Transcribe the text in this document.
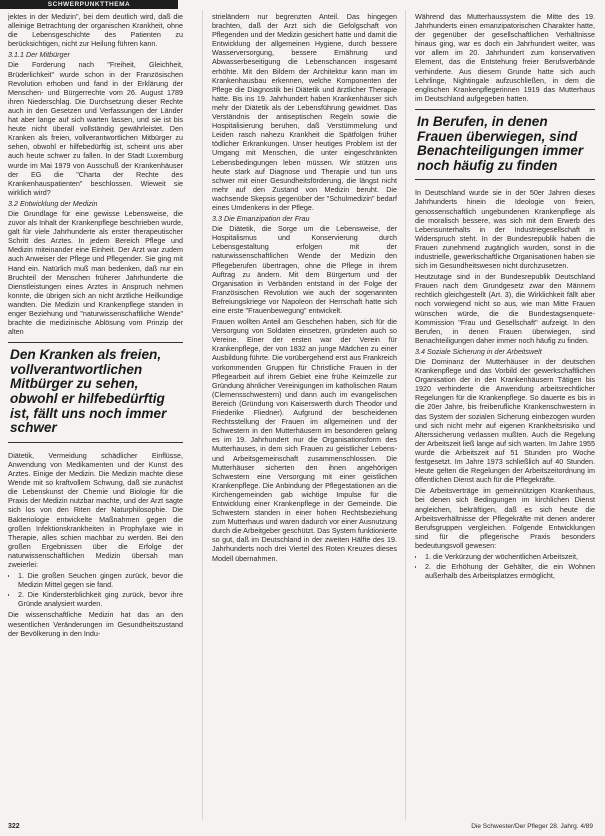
SCHWERPUNKTTHEMA

jektes in der Medizin", bei dem deutlich wird, daß die alleinige Betrachtung der organischen Krankheit, ohne die Lebensgeschichte des Patienten zu berücksichtigen, nicht zur Heilung führen kann.

3.1.1 Der Mitbürger

Die Forderung nach "Freiheit, Gleichheit, Brüderlichkeit" wurde schon in der Französischen Revolution erhoben und fand in der Erklärung der Menschen- und Bürgerrechte vom 26. August 1789 ihren Niederschlag. Die Durchsetzung dieser Rechte auch in den Gesetzen und Verfassungen der Länder hat aber lange auf sich warten lassen, und sie ist bis heute nicht überall vollständig gewährleistet. Den Kranken als freien, vollverantwortlichen Mitbürger zu sehen, obwohl er hilfebedürftig ist, scheint uns aber auch heute schwer zu fallen. In der Stadt Luxemburg wurde im Mai 1979 von Ausschuß der Krankenhäuser der EG die "Charta der Rechte des Krankenhauspatienten" beschlossen. Wieweit sie wirklich wird?

3.2 Entwicklung der Medizin

Die Grundlage für eine gewisse Lebensweise, die zuvor als Inhalt der Krankenpflege beschrieben wurde, galt für viele Jahrhunderte als erster therapeutischer Schritt des Arztes. In jedem Bereich Pflege und Medizin miteinander eine Einheit. Der Arzt war zudem auch Anweiser der Pflege und Pflegender. Sie ging mit Hand ein. Natürlich muß man bedenken, daß nur ein Bruchteil der Menschen früherer Jahrhunderte die Dienstleistungen eines Arztes in Anspruch nehmen konnte, die übrigen sich an nicht ärztliche Heilkundige wandten. Die Medizin und Krankenpflege standen in enger Beziehung und "naturwissenschaftliche Wende" brachte die medizinische Ablösung vom Prinzip der alten

Den Kranken als freien, vollverantwortlichen Mitbürger zu sehen, obwohl er hilfebedürftig ist, fällt uns noch immer schwer

Diätetik, Vermeidung schädlicher Einflüsse, Anwendung von Medikamenten und der Kunst des Arztes. Einige der Medizin. Die Medizin machte diese Wende mit so kraftvollem Schwung, daß sie zunächst die Lebenskunst der Chemie und Biologie für die Praxis der Medizin nutzbar machte, und der Arzt sagte sich los von den Riten der Naturphilosophie. Die Bakteriologie entwickelte Maßnahmen gegen die großen Infektionskrankheiten in Prophylaxe wie in Therapie, alles schien machbar zu werden. Bei den großen Ergebnissen über die Erfolge der naturwissenschaftlichen Medizin übersah man zweierlei:

• 1. Die großen Seuchen gingen zurück, bevor die Medizin Mittel gegen sie fand.
• 2. Die Kindersterblichkeit ging zurück, bevor ihre Gründe analysiert wurden.

Die wissenschaftliche Medizin hat das an den wesentlichen Veränderungen im Gesundheitszustand der Bevölkerung in den Indu-

strieländern nur begrenzten Anteil. Das hingegen brachten, daß der Arzt sich die Gefolgschaft von Pflegenden und der Medizin gesichert hatte und damit die Entwicklung der allgemeinen Hygiene, durch bessere Wasserversorgung, bessere Ernährung und Abwasserbeseitigung die Lebenschancen insgesamt erhöhte. Mit den Bildern der Architektur kann man im Krankenhausbau erkennen, welche Komponenten der Pflege die Diagnostik bei Diätetik und ärztlicher Therapie hatte. Bis ins 19. Jahrhundert haben Krankenhäuser sich mehr der Diätetik als der Lebensführung gewidmet. Das Verständnis der antiseptischen Regeln sowie die Hospitalisierung beruhen, daß Verstümmelung und Leiden rasch nahezu Krankheit die Spätfolgen früher tödlicher Erkrankungen. Unser heutiges Problem ist der Umgang mit Menschen, die unter eingeschränkten Lebensbedingungen leben müssen. Wir stützen uns heute stark auf Diagnose und Therapie und tun uns schwer mit einer Gesundheitsförderung, die längst nicht mehr auf den Zustand von Medizin beruht. Die wachsende Skepsis gegenüber der "Schulmedizin" bedarf eines Umdenkens in der Pflege.

3.3 Die Emanzipation der Frau

Die Diätetik, die Sorge um die Lebensweise, der Hospitalismus und Konservierung durch Lebensgestaltung erfolgen mit der naturwissenschaftlichen Wende der Medizin den Pflegeberufen übertragen, ohne die Pflege in ihrem Auftrag zu ändern. Mit dem Bürgertum und der Organisation in Verbänden entstand in der Folge der Französischen Revolution wie auch der sogenannten Befreiungskriege vor Napoleon der Herrschaft hatte sich eine erste "Frauenbewegung" entwickelt.

Frauen wollten Anteil am Geschehen haben, sich für die Versorgung von Soldaten einsetzen, gründeten auch so Vereine. Einer der ersten war der Verein für Krankenpflege, der von 1832 an junge Mädchen zu einer Ausbildung führte. Die vorübergehend erst aus Frankreich vorkommenden Gruppen für Christliche Frauen in der Pflegearbeit auf ihrem Gebiet eine frühe Keimzelle zur Gründung ähnlicher Vereinigungen im katholischen Raum (Clemensschwestern) und dann auch im evangelischen Bereich (Gründung von Kaiserswerth durch Theodor und Friederike Fliedner). Aufgrund der bescheidenen Rechtsstellung der Frauen im allgemeinen und der Schwestern in den Mutterhäusern im besonderen gelang es im 19. Jahrhundert nur die Organisationsform des Mutterhauses, in dem sich Frauen zu geistlicher Lebens- und Arbeitsgemeinschaft zusammenschlossen. Die Mutterhäuser sicherten den ihnen angehörigen Schwestern eine Versorgung mit einer geistlichen Krankenpflege. Die Anbindung der Pflegestationen an die Kirchengemeinden gab wichtige Impulse für die Entwicklung einer Krankenpflege in der Gemeinde. Die Schwestern standen in einer hohen Rechtsbeziehung zum Mutterhaus und waren dadurch vor einer Ausnutzung durch die Arbeitgeber geschützt. Das System funktionierte so gut, daß im Deutschland in der zweiten Hälfte des 19. Jahrhunderts noch drei Viertel des Roten Kreuzes dieses Modell übernahmen.

Während das Mutterhaussystem die Mitte des 19. Jahrhunderts einen emanzipatorischen Charakter hatte, der gegenüber der gesellschaftlichen Verhältnisse hinaus ging, war es doch ein Jahrhundert weiter, was vor allem im 20. Jahrhundert zum konservativen Element, das die Entstehung freier Berufsverbände verhinderte. Aus diesem Grunde hatte sich auch Lehrlinge, Nightingale aufzuschließen, in dem die englischen Krankenpflegerinnen 1919 das Mutterhaus im Deutschland aufgegeben hatten.

In Berufen, in denen Frauen überwiegen, sind Benachteiligungen immer noch häufig zu finden

In Deutschland wurde sie in der 50er Jahren dieses Jahrhunderts hinein die Ideologie von freien, genossenschaftlich ungebundenen Krankenpflege als die moralisch bessere, was sich mit dem Erwerb des Lebensunterhalts in der Industriegesellschaft in Widerspruch steht. In der Bundesrepublik haben die Frauen zunehmend zugänglich wurden, sonst in die industrielle, gewerkschaftliche Organisationen haben sie sich im Gesundheitswesen nicht durchzusetzen.

Heutzutage sind in der Bundesrepublik Deutschland Frauen nach dem Grundgesetz zwar den Männern rechtlich gleichgestellt (Art. 3), die Wirklichkeit fällt aber noch vorwiegend nicht so aus, wie man Mitte Frauen wünschen würde, die die Bundestagsenquete-Kommission "Frau und Gesellschaft" aufzeigt. In den Berufen, in denen Frauen überwiegen, sind Benachteiligungen daher immer noch häufig zu finden.

3.4 Soziale Sicherung in der Arbeitswelt

Die Dominanz der Mutterhäuser in der deutschen Krankenpflege und das Vorbild der gewerkschaftlichen Organisation der in den Krankenhäusern Tätigen bis 1920 verhinderte die Anwendung arbeitsrechtlicher Regelungen für die Krankenpflege. So dauerte es bis in die 20er Jahre, bis freiberufliche Krankenschwestern in das System der sozialen Sicherung einbezogen wurden und sich nicht mehr auf eigenen Krankheitsrisiko und Alterssicherung verlassen mußten. Auch die Regelung der Arbeitszeit ließ lange auf sich warten. Im Jahre 1955 wurde die Arbeitszeit auf 51 Stunden pro Woche festgesetzt. Im Jahre 1973 schließlich auf 40 Stunden. Heute gelten die Regelungen der Arbeitszeitordnung im öffentlichen Dienst auch für die Pflegekräfte.

Die Arbeitsverträge im gemeinnützigen Krankenhaus, bei denen sich Bedingungen im kirchlichen Dienst angleichen, bekräftigen, daß es sich heute die Arbeitsverhältnisse der Pflegekräfte mit denen anderer Berufsgruppen vergleichen. Folgende Entwicklungen sind für die pflegerische Praxis besonders bedeutungsvoll gewesen:

• 1. die Verkürzung der wöchentlichen Arbeitszeit,
• 2. die Erhöhung der Gehälter, die ein Wohnen außerhalb des Arbeitsplatzes ermöglicht,
322	Die Schwester/Der Pfleger 28. Jahrg. 4/89
